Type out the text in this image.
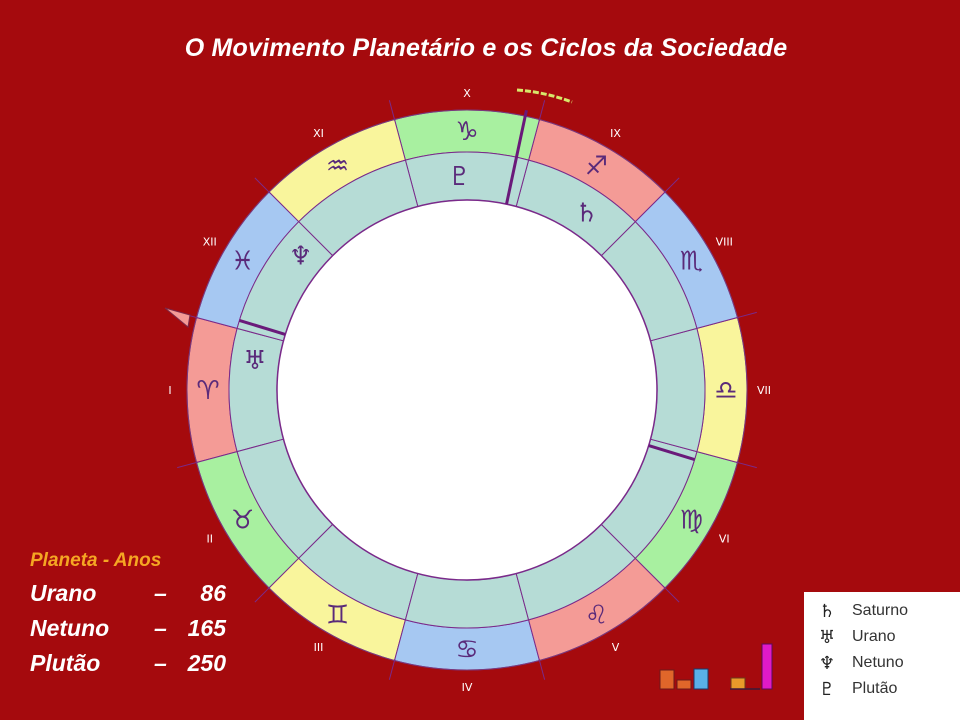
O Movimento Planetário e os Ciclos da Sociedade
♈
♉
♊
♋
♌
♍
♎
♏
♐
♑
♒
♓
I
II
III
IV
V
VI
VII
VIII
IX
X
XI
XII
♅
♆
♇
♄
Planeta - Anos
Urano	–	86
Netuno	– 165
Plutão	– 250
♄ Saturno
♅ Urano
♆ Netuno
♇ Plutão
